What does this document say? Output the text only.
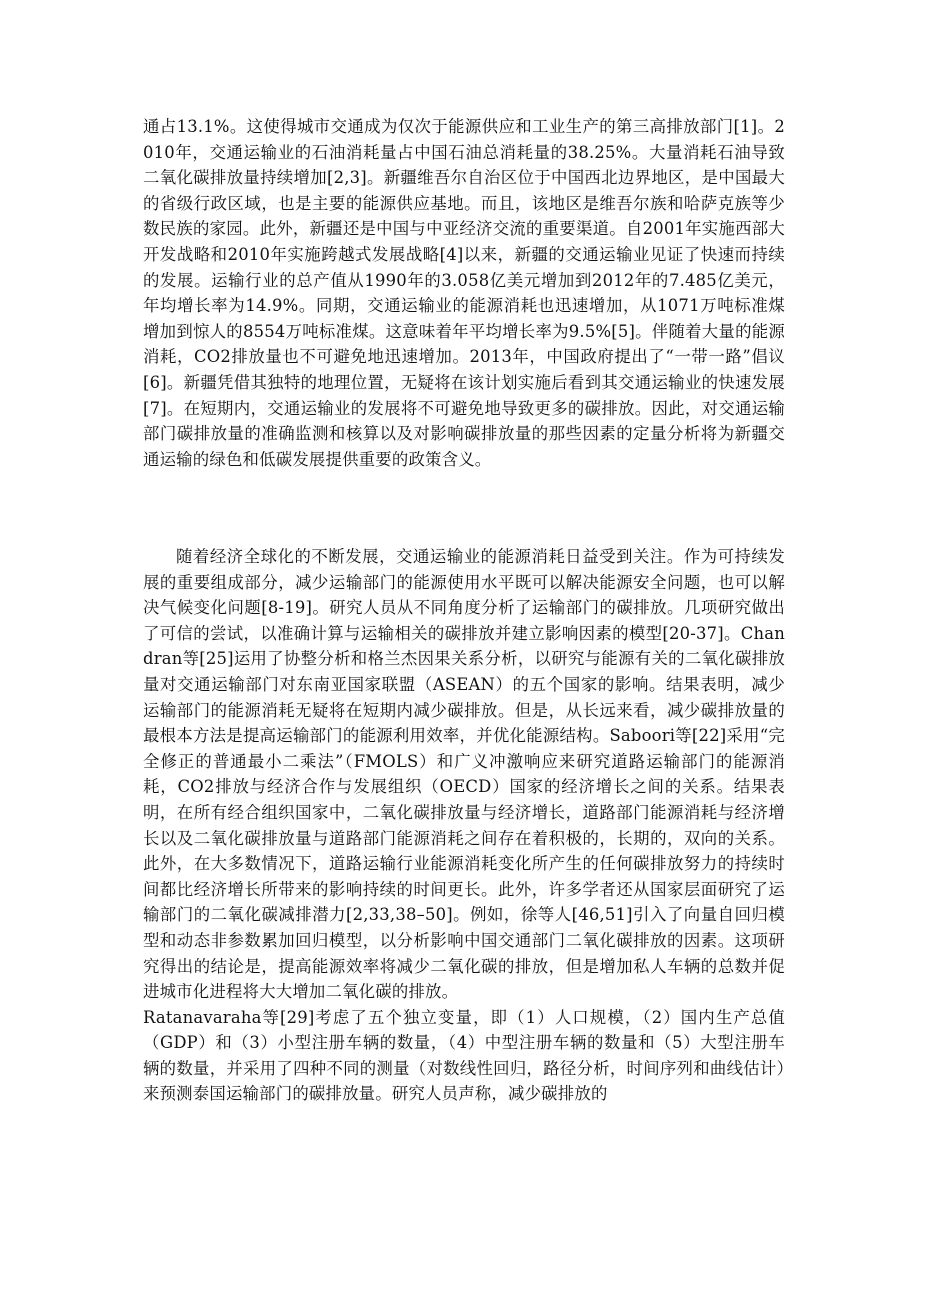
通占13.1%。这使得城市交通成为仅次于能源供应和工业生产的第三高排放部门[1]。2010年，交通运输业的石油消耗量占中国石油总消耗量的38.25%。大量消耗石油导致二氧化碳排放量持续增加[2,3]。新疆维吾尔自治区位于中国西北边界地区，是中国最大的省级行政区域，也是主要的能源供应基地。而且，该地区是维吾尔族和哈萨克族等少数民族的家园。此外，新疆还是中国与中亚经济交流的重要渠道。自2001年实施西部大开发战略和2010年实施跨越式发展战略[4]以来，新疆的交通运输业见证了快速而持续的发展。运输行业的总产值从1990年的3.058亿美元增加到2012年的7.485亿美元，年均增长率为14.9%。同期，交通运输业的能源消耗也迅速增加，从1071万吨标准煤增加到惊人的8554万吨标准煤。这意味着年平均增长率为9.5%[5]。伴随着大量的能源消耗，CO2排放量也不可避免地迅速增加。2013年，中国政府提出了“一带一路”倡议[6]。新疆凭借其独特的地理位置，无疑将在该计划实施后看到其交通运输业的快速发展[7]。在短期内，交通运输业的发展将不可避免地导致更多的碳排放。因此，对交通运输部门碳排放量的准确监测和核算以及对影响碳排放量的那些因素的定量分析将为新疆交通运输的绿色和低碳发展提供重要的政策含义。

随着经济全球化的不断发展，交通运输业的能源消耗日益受到关注。作为可持续发展的重要组成部分，减少运输部门的能源使用水平既可以解决能源安全问题，也可以解决气候变化问题[8-19]。研究人员从不同角度分析了运输部门的碳排放。几项研究做出了可信的尝试，以准确计算与运输相关的碳排放并建立影响因素的模型[20-37]。Chandran等[25]运用了协整分析和格兰杰因果关系分析，以研究与能源有关的二氧化碳排放量对交通运输部门对东南亚国家联盟（ASEAN）的五个国家的影响。结果表明，减少运输部门的能源消耗无疑将在短期内减少碳排放。但是，从长远来看，减少碳排放量的最根本方法是提高运输部门的能源利用效率，并优化能源结构。Saboori等[22]采用“完全修正的普通最小二乘法”（FMOLS）和广义冲激响应来研究道路运输部门的能源消耗，CO2排放与经济合作与发展组织（OECD）国家的经济增长之间的关系。结果表明，在所有经合组织国家中，二氧化碳排放量与经济增长，道路部门能源消耗与经济增长以及二氧化碳排放量与道路部门能源消耗之间存在着积极的，长期的，双向的关系。此外，在大多数情况下，道路运输行业能源消耗变化所产生的任何碳排放努力的持续时间都比经济增长所带来的影响持续的时间更长。此外，许多学者还从国家层面研究了运输部门的二氧化碳减排潜力[2,33,38–50]。例如，徐等人[46,51]引入了向量自回归模型和动态非参数累加回归模型，以分析影响中国交通部门二氧化碳排放的因素。这项研究得出的结论是，提高能源效率将减少二氧化碳的排放，但是增加私人车辆的总数并促进城市化进程将大大增加二氧化碳的排放。

Ratanavaraha等[29]考虑了五个独立变量，即（1）人口规模，（2）国内生产总值（GDP）和（3）小型注册车辆的数量，（4）中型注册车辆的数量和（5）大型注册车辆的数量，并采用了四种不同的测量（对数线性回归，路径分析，时间序列和曲线估计）来预测泰国运输部门的碳排放量。研究人员声称，减少碳排放的
